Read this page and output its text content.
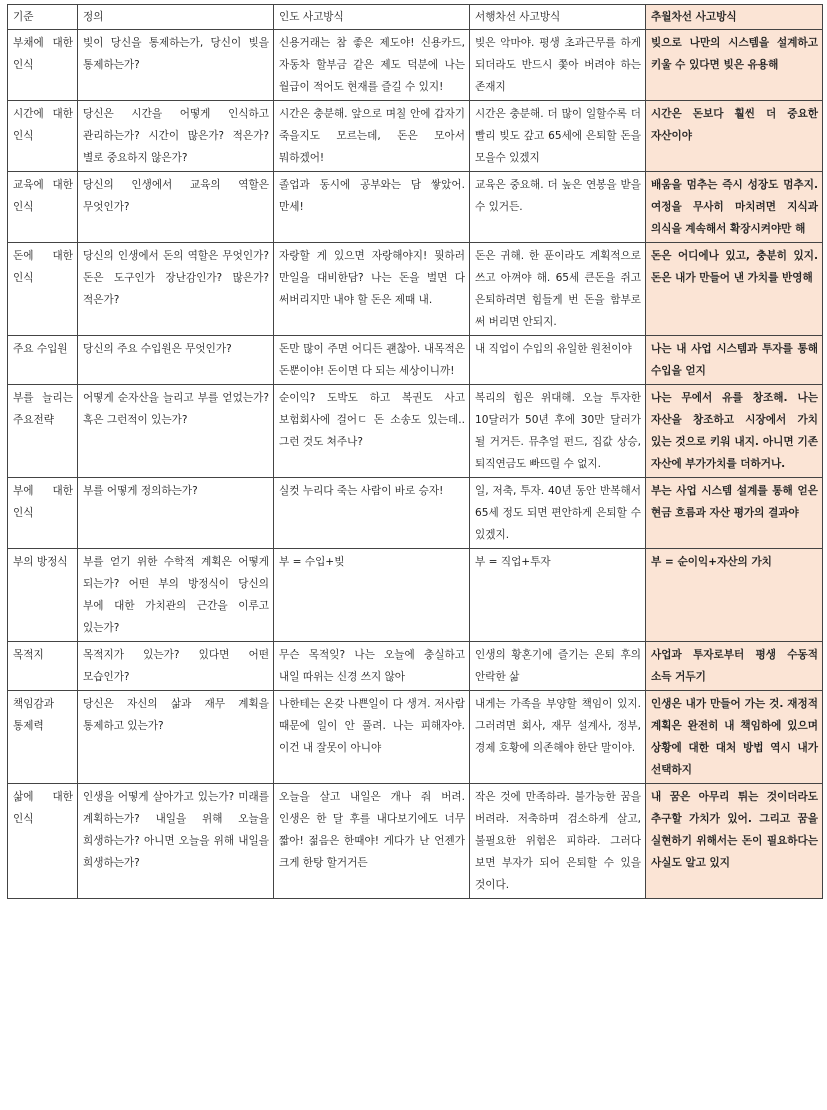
기준	정의	인도 사고방식	서행차선 사고방식	추월차선 사고방식
부채에 대한 인식	빚이 당신을 통제하는가, 당신이 빚을 통제하는가?	신용거래는 참 좋은 제도야! 신용카드, 자동차 할부금 같은 제도 덕분에 나는 월급이 적어도 현재를 즐길 수 있지!	빚은 악마야. 평생 초과근무를 하게 되더라도 반드시 쫓아 버려야 하는 존재지	빚으로 나만의 시스템을 설계하고 키울 수 있다면 빚은 유용해
시간에 대한 인식	당신은 시간을 어떻게 인식하고 관리하는가? 시간이 많은가? 적은가? 별로 중요하지 않은가?	시간은 충분해. 앞으로 며칠 안에 갑자기 죽을지도 모르는데, 돈은 모아서 뭐하겠어!	시간은 충분해. 더 많이 일할수록 더 빨리 빚도 갚고 65세에 은퇴할 돈을 모을수 있겠지	시간은 돈보다 훨씬 더 중요한 자산이야
교육에 대한 인식	당신의 인생에서 교육의 역할은 무엇인가?	졸업과 동시에 공부와는 담 쌓았어. 만세!	교육은 중요해. 더 높은 연봉을 받을 수 있거든.	배움을 멈추는 즉시 성장도 멈추지. 여정을 무사히 마치려면 지식과 의식을 계속해서 확장시켜야만 해
돈에 대한 인식	당신의 인생에서 돈의 역할은 무엇인가? 돈은 도구인가 장난감인가? 많은가? 적은가?	자랑할 게 있으면 자랑해야지! 뭣하러 만일을 대비한담? 나는 돈을 벌면 다 써버리지만 내야 할 돈은 제때 내.	돈은 귀해. 한 푼이라도 계획적으로 쓰고 아껴야 해. 65세 큰돈을 쥐고 은퇴하려면 힘들게 번 돈을 함부로 써 버리면 안되지.	돈은 어디에나 있고, 충분히 있지. 돈은 내가 만들어 낸 가치를 반영해
주요 수입원	당신의 주요 수입원은 무엇인가?	돈만 많이 주면 어디든 괜찮아. 내목적은 돈뿐이야! 돈이면 다 되는 세상이니까!	내 직업이 수입의 유일한 원천이야	나는 내 사업 시스템과 투자를 통해 수입을 얻지
부를 늘리는 주요전략	어떻게 순자산을 늘리고 부를 얻었는가? 혹은 그런적이 있는가?	순이익? 도박도 하고 복권도 사고 보험회사에 걸어ㄷ 돈 소송도 있는데.. 그런 것도 쳐주나?	복리의 힘은 위대해. 오늘 투자한 10달러가 50년 후에 30만 달러가 될 거거든. 뮤추얼 펀드, 집값 상승, 퇴직연금도 빠뜨릴 수 없지.	나는 무에서 유를 창조해. 나는 자산을 창조하고 시장에서 가치 있는 것으로 키워 내지. 아니면 기존 자산에 부가가치를 더하거나.
부에 대한 인식	부를 어떻게 정의하는가?	실컷 누리다 죽는 사람이 바로 승자!	일, 저축, 투자. 40년 동안 반복해서 65세 정도 되면 편안하게 은퇴할 수 있겠지.	부는 사업 시스템 설계를 통해 얻은 현금 흐름과 자산 평가의 결과야
부의 방정식	부를 얻기 위한 수학적 계획은 어떻게 되는가? 어떤 부의 방정식이 당신의 부에 대한 가치관의 근간을 이루고 있는가?	부 = 수입+빚	부 = 직업+투자	부 = 순이익+자산의 가치
목적지	목적지가 있는가? 있다면 어떤 모습인가?	무슨 목적잊? 나는 오늘에 충실하고 내일 따위는 신경 쓰지 않아	인생의 황혼기에 즐기는 은퇴 후의 안락한 삶	사업과 투자로부터 평생 수동적 소득 거두기
책임감과 통제력	당신은 자신의 삶과 재무 계획을 통제하고 있는가?	나한테는 온갖 나쁜일이 다 생겨. 저사람 때문에 일이 안 풀려. 나는 피해자야. 이건 내 잘못이 아니야	내게는 가족을 부양할 책임이 있지. 그러려면 회사, 재무 설계사, 정부, 경제 호황에 의존해야 한단 말이야.	인생은 내가 만들어 가는 것. 재정적 계획은 완전히 내 책임하에 있으며 상황에 대한 대처 방법 역시 내가 선택하지
삶에 대한 인식	인생을 어떻게 살아가고 있는가? 미래를 계획하는가? 내일을 위해 오늘을 희생하는가? 아니면 오늘을 위해 내일을 희생하는가?	오늘을 살고 내일은 개나 줘 버려. 인생은 한 달 후를 내다보기에도 너무 짧아! 젊음은 한때야! 게다가 난 언젠가 크게 한탕 할거거든	작은 것에 만족하라. 불가능한 꿈을 버려라. 저축하며 검소하게 살고, 불필요한 위험은 피하라. 그러다 보면 부자가 되어 은퇴할 수 있을 것이다.	내 꿈은 아무리 튀는 것이더라도 추구할 가치가 있어. 그리고 꿈을 실현하기 위해서는 돈이 필요하다는 사실도 알고 있지
